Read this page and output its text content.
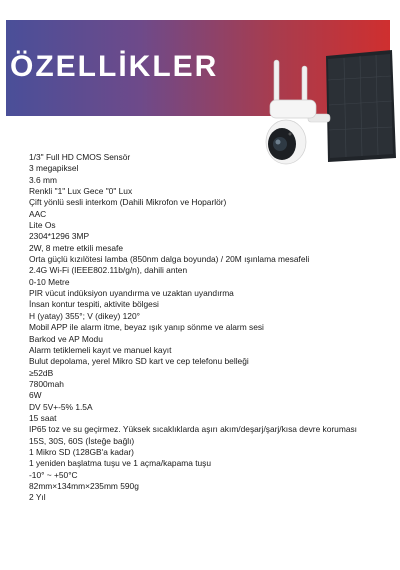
ÖZELLİKLER
1/3" Full HD CMOS Sensör
3 megapiksel
3.6 mm
Renkli "1" Lux Gece "0" Lux
Çift yönlü sesli interkom (Dahili Mikrofon ve Hoparlör)
AAC
Lite Os
2304*1296 3MP
2W, 8 metre etkili mesafe
Orta güçlü kızılötesi lamba (850nm dalga boyunda) / 20M ışınlama mesafeli
2.4G Wi-Fi (IEEE802.11b/g/n), dahili anten
0-10 Metre
PIR vücut indüksiyon uyandırma ve uzaktan uyandırma
İnsan kontur tespiti, aktivite bölgesi
H (yatay) 355°; V (dikey) 120°
Mobil APP ile alarm itme, beyaz ışık yanıp sönme ve alarm sesi
Barkod ve AP Modu
Alarm tetiklemeli kayıt ve manuel kayıt
Bulut depolama, yerel Mikro SD kart ve cep telefonu belleği
≥52dB
7800mah
6W
DV 5V+-5% 1.5A
15 saat
IP65 toz ve su geçirmez. Yüksek sıcaklıklarda aşırı akım/deşarj/şarj/kısa devre koruması
15S, 30S, 60S (İsteğe bağlı)
1 Mikro SD (128GB'a kadar)
1 yeniden başlatma tuşu ve 1 açma/kapama tuşu
-10° ~ +50°C
82mm×134mm×235mm 590g
2 Yıl
